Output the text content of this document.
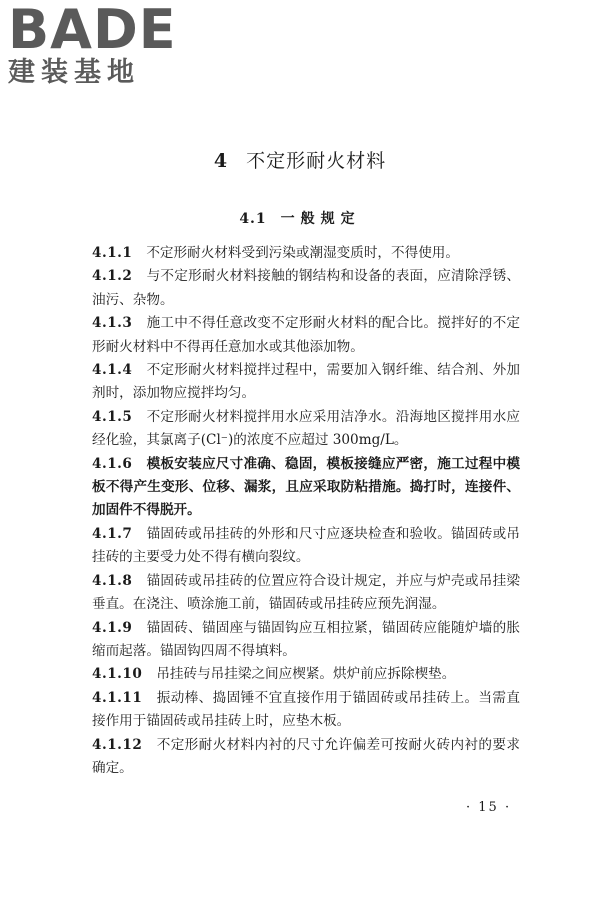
BADE
建装基地
4 不定形耐火材料
4.1 一般规定

4.1.1 不定形耐火材料受到污染或潮湿变质时，不得使用。

4.1.2 与不定形耐火材料接触的钢结构和设备的表面，应清除浮锈、油污、杂物。

4.1.3 施工中不得任意改变不定形耐火材料的配合比。搅拌好的不定形耐火材料中不得再任意加水或其他添加物。

4.1.4 不定形耐火材料搅拌过程中，需要加入钢纤维、结合剂、外加剂时，添加物应搅拌均匀。

4.1.5 不定形耐火材料搅拌用水应采用洁净水。沿海地区搅拌用水应经化验，其氯离子(Cl⁻)的浓度不应超过 300mg/L。

4.1.6 模板安装应尺寸准确、稳固，模板接缝应严密，施工过程中模板不得产生变形、位移、漏浆，且应采取防粘措施。捣打时，连接件、加固件不得脱开。

4.1.7 锚固砖或吊挂砖的外形和尺寸应逐块检查和验收。锚固砖或吊挂砖的主要受力处不得有横向裂纹。

4.1.8 锚固砖或吊挂砖的位置应符合设计规定，并应与炉壳或吊挂梁垂直。在浇注、喷涂施工前，锚固砖或吊挂砖应预先润湿。

4.1.9 锚固砖、锚固座与锚固钩应互相拉紧，锚固砖应能随炉墙的胀缩而起落。锚固钩四周不得填料。

4.1.10 吊挂砖与吊挂梁之间应楔紧。烘炉前应拆除楔垫。

4.1.11 振动棒、捣固锤不宜直接作用于锚固砖或吊挂砖上。当需直接作用于锚固砖或吊挂砖上时，应垫木板。

4.1.12 不定形耐火材料内衬的尺寸允许偏差可按耐火砖内衬的要求确定。

· 15 ·
